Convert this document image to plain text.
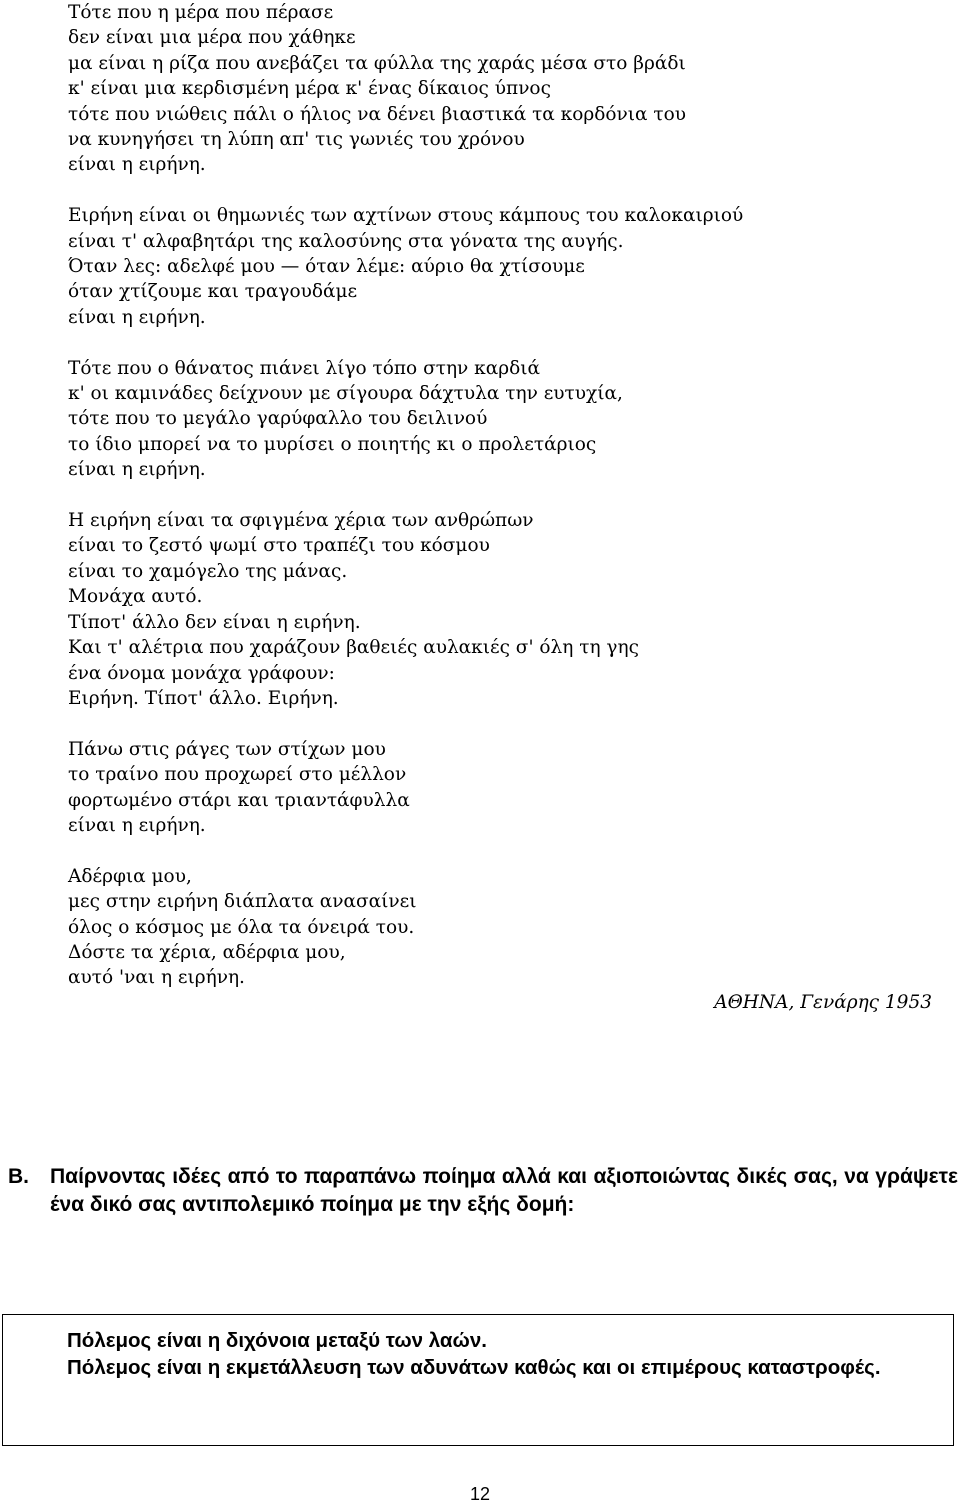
Τότε που η μέρα που πέρασε
δεν είναι μια μέρα που χάθηκε
μα είναι η ρίζα που ανεβάζει τα φύλλα της χαράς μέσα στο βράδι
κ' είναι μια κερδισμένη μέρα κ' ένας δίκαιος ύπνος
τότε που νιώθεις πάλι ο ήλιος να δένει βιαστικά τα κορδόνια του
να κυνηγήσει τη λύπη απ' τις γωνιές του χρόνου
είναι η ειρήνη.
Ειρήνη είναι οι θημωνιές των αχτίνων στους κάμπους του καλοκαιριού
είναι τ' αλφαβητάρι της καλοσύνης στα γόνατα της αυγής.
Όταν λες: αδελφέ μου — όταν λέμε: αύριο θα χτίσουμε
όταν χτίζουμε και τραγουδάμε
είναι η ειρήνη.
Τότε που ο θάνατος πιάνει λίγο τόπο στην καρδιά
κ' οι καμινάδες δείχνουν με σίγουρα δάχτυλα την ευτυχία,
τότε που το μεγάλο γαρύφαλλο του δειλινού
το ίδιο μπορεί να το μυρίσει ο ποιητής κι ο προλετάριος
είναι η ειρήνη.
Η ειρήνη είναι τα σφιγμένα χέρια των ανθρώπων
είναι το ζεστό ψωμί στο τραπέζι του κόσμου
είναι το χαμόγελο της μάνας.
Μονάχα αυτό.
Τίποτ' άλλο δεν είναι η ειρήνη.
Και τ' αλέτρια που χαράζουν βαθειές αυλακιές σ' όλη τη γης
ένα όνομα μονάχα γράφουν:
Ειρήνη. Τίποτ' άλλο. Ειρήνη.
Πάνω στις ράγες των στίχων μου
το τραίνο που προχωρεί στο μέλλον
φορτωμένο στάρι και τριαντάφυλλα
είναι η ειρήνη.
Αδέρφια μου,
μες στην ειρήνη διάπλατα ανασαίνει
όλος ο κόσμος με όλα τα όνειρά του.
Δόστε τα χέρια, αδέρφια μου,
αυτό 'ναι η ειρήνη.
ΑΘΗΝΑ, Γενάρης 1953
Β. Παίρνοντας ιδέες από το παραπάνω ποίημα αλλά και αξιοποιώντας δικές σας, να γράψετε ένα δικό σας αντιπολεμικό ποίημα με την εξής δομή:
Πόλεμος είναι η διχόνοια μεταξύ των λαών.
Πόλεμος είναι η εκμετάλλευση των αδυνάτων καθώς και οι επιμέρους καταστροφές.
12
